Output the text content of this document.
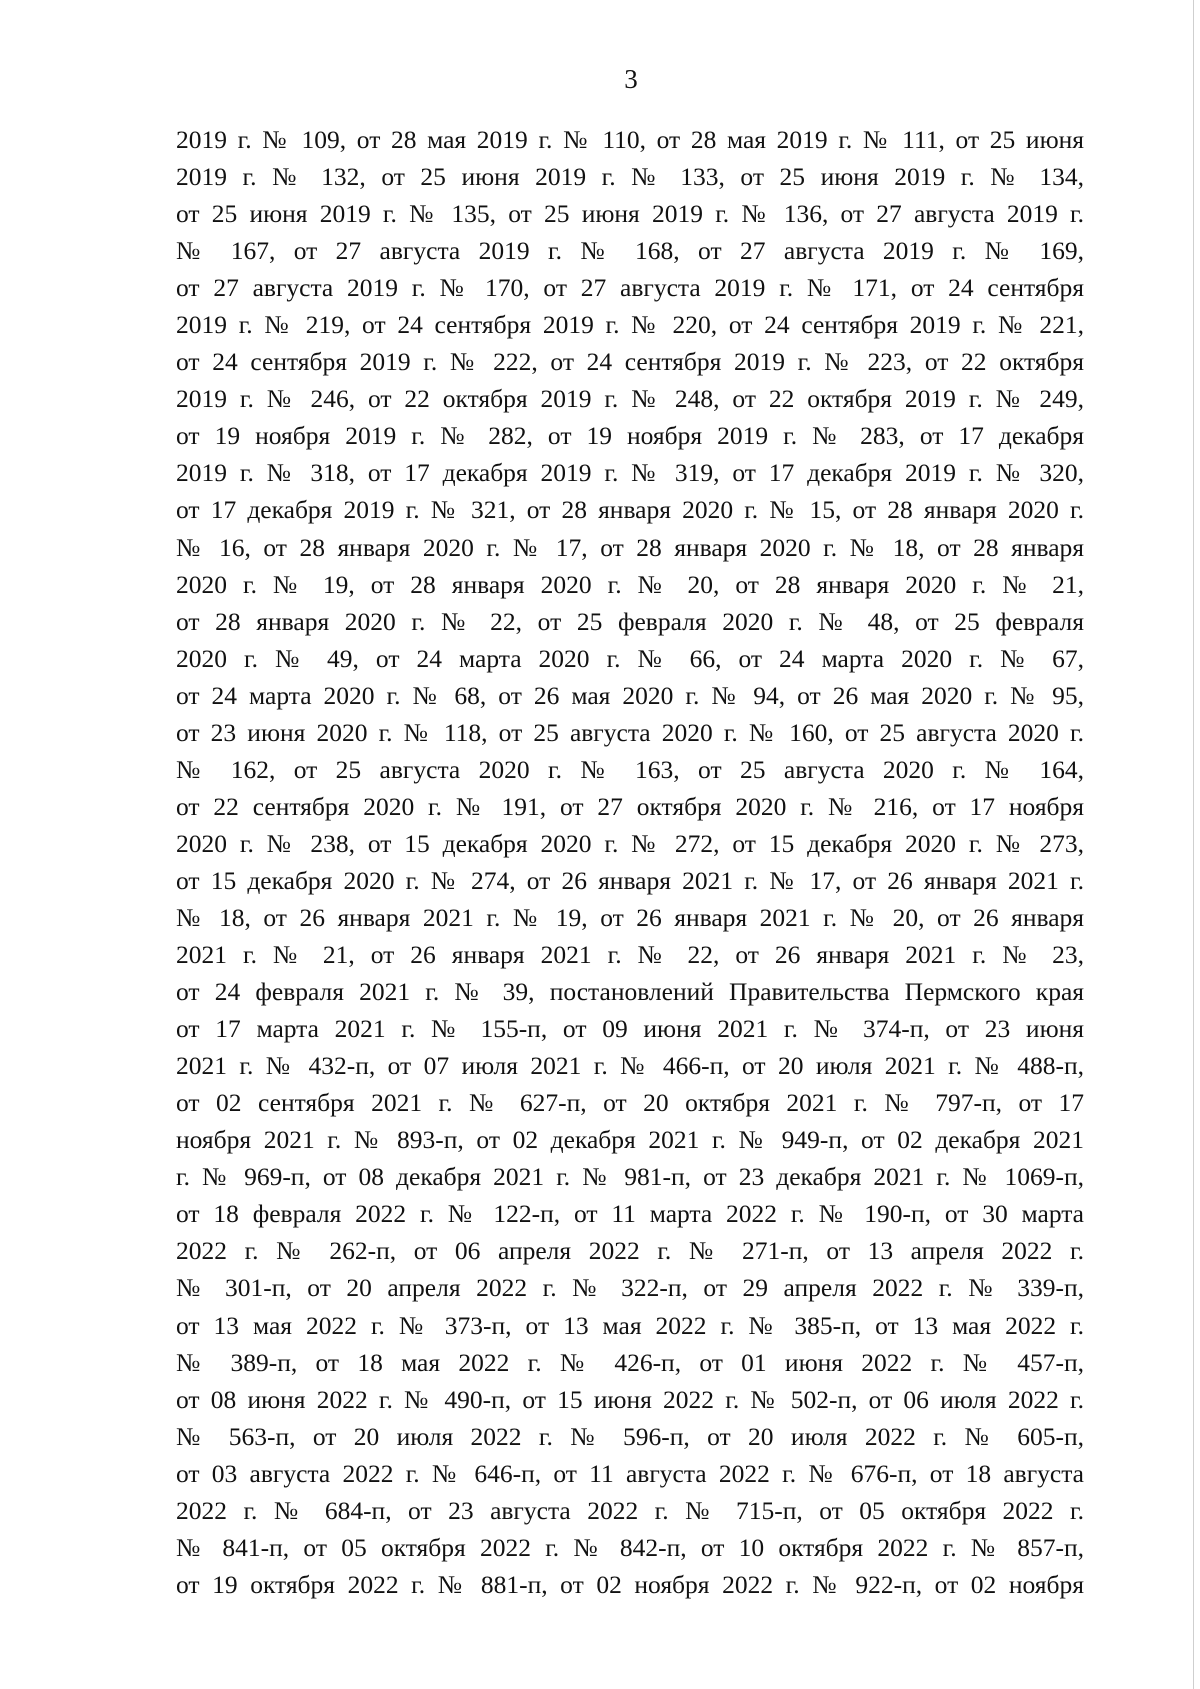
3
2019 г. № 109, от 28 мая 2019 г. № 110, от 28 мая 2019 г. № 111, от 25 июня
2019 г. № 132, от 25 июня 2019 г. № 133, от 25 июня 2019 г. № 134,
от 25 июня 2019 г. № 135, от 25 июня 2019 г. № 136, от 27 августа 2019 г.
№ 167, от 27 августа 2019 г. № 168, от 27 августа 2019 г. № 169,
от 27 августа 2019 г. № 170, от 27 августа 2019 г. № 171, от 24 сентября
2019 г. № 219, от 24 сентября 2019 г. № 220, от 24 сентября 2019 г. № 221,
от 24 сентября 2019 г. № 222, от 24 сентября 2019 г. № 223, от 22 октября
2019 г. № 246, от 22 октября 2019 г. № 248, от 22 октября 2019 г. № 249,
от 19 ноября 2019 г. № 282, от 19 ноября 2019 г. № 283, от 17 декабря
2019 г. № 318, от 17 декабря 2019 г. № 319, от 17 декабря 2019 г. № 320,
от 17 декабря 2019 г. № 321, от 28 января 2020 г. № 15, от 28 января 2020 г.
№ 16, от 28 января 2020 г. № 17, от 28 января 2020 г. № 18, от 28 января
2020 г. № 19, от 28 января 2020 г. № 20, от 28 января 2020 г. № 21,
от 28 января 2020 г. № 22, от 25 февраля 2020 г. № 48, от 25 февраля
2020 г. № 49, от 24 марта 2020 г. № 66, от 24 марта 2020 г. № 67,
от 24 марта 2020 г. № 68, от 26 мая 2020 г. № 94, от 26 мая 2020 г. № 95,
от 23 июня 2020 г. № 118, от 25 августа 2020 г. № 160, от 25 августа 2020 г.
№ 162, от 25 августа 2020 г. № 163, от 25 августа 2020 г. № 164,
от 22 сентября 2020 г. № 191, от 27 октября 2020 г. № 216, от 17 ноября
2020 г. № 238, от 15 декабря 2020 г. № 272, от 15 декабря 2020 г. № 273,
от 15 декабря 2020 г. № 274, от 26 января 2021 г. № 17, от 26 января 2021 г.
№ 18, от 26 января 2021 г. № 19, от 26 января 2021 г. № 20, от 26 января
2021 г. № 21, от 26 января 2021 г. № 22, от 26 января 2021 г. № 23,
от 24 февраля 2021 г. № 39, постановлений Правительства Пермского края
от 17 марта 2021 г. № 155-п, от 09 июня 2021 г. № 374-п, от 23 июня
2021 г. № 432-п, от 07 июля 2021 г. № 466-п, от 20 июля 2021 г. № 488-п,
от 02 сентября 2021 г. № 627-п, от 20 октября 2021 г. № 797-п, от 17
ноября 2021 г. № 893-п, от 02 декабря 2021 г. № 949-п, от 02 декабря 2021
г. № 969-п, от 08 декабря 2021 г. № 981-п, от 23 декабря 2021 г. № 1069-п,
от 18 февраля 2022 г. № 122-п, от 11 марта 2022 г. № 190-п, от 30 марта
2022 г. № 262-п, от 06 апреля 2022 г. № 271-п, от 13 апреля 2022 г.
№ 301-п, от 20 апреля 2022 г. № 322-п, от 29 апреля 2022 г. № 339-п,
от 13 мая 2022 г. № 373-п, от 13 мая 2022 г. № 385-п, от 13 мая 2022 г.
№ 389-п, от 18 мая 2022 г. № 426-п, от 01 июня 2022 г. № 457-п,
от 08 июня 2022 г. № 490-п, от 15 июня 2022 г. № 502-п, от 06 июля 2022 г.
№ 563-п, от 20 июля 2022 г. № 596-п, от 20 июля 2022 г. № 605-п,
от 03 августа 2022 г. № 646-п, от 11 августа 2022 г. № 676-п, от 18 августа
2022 г. № 684-п, от 23 августа 2022 г. № 715-п, от 05 октября 2022 г.
№ 841-п, от 05 октября 2022 г. № 842-п, от 10 октября 2022 г. № 857-п,
от 19 октября 2022 г. № 881-п, от 02 ноября 2022 г. № 922-п, от 02 ноября
